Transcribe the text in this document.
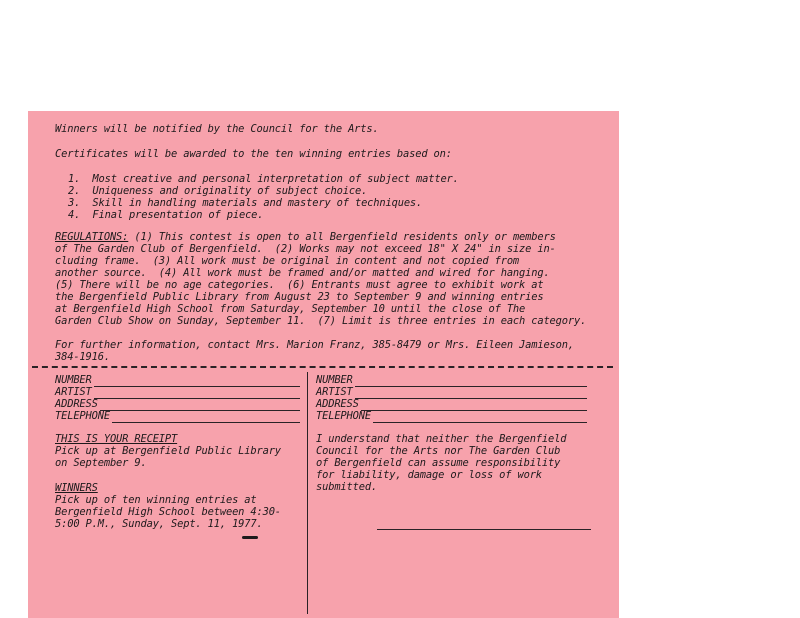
Winners will be notified by the Council for the Arts.
Certificates will be awarded to the ten winning entries based on:
1.  Most creative and personal interpretation of subject matter.
2.  Uniqueness and originality of subject choice.
3.  Skill in handling materials and mastery of techniques.
4.  Final presentation of piece.
REGULATIONS: (1) This contest is open to all Bergenfield residents only or members
of The Garden Club of Bergenfield.  (2) Works may not exceed 18" X 24" in size in-
cluding frame.  (3) All work must be original in content and not copied from
another source.  (4) All work must be framed and/or matted and wired for hanging.
(5) There will be no age categories.  (6) Entrants must agree to exhibit work at
the Bergenfield Public Library from August 23 to September 9 and winning entries
at Bergenfield High School from Saturday, September 10 until the close of The
Garden Club Show on Sunday, September 11.  (7) Limit is three entries in each category.
For further information, contact Mrs. Marion Franz, 385-8479 or Mrs. Eileen Jamieson,
384-1916.
NUMBER
ARTIST
ADDRESS
TELEPHONE
NUMBER
ARTIST
ADDRESS
TELEPHONE
THIS IS YOUR RECEIPT
Pick up at Bergenfield Public Library
on September 9.
WINNERS
Pick up of ten winning entries at
Bergenfield High School between 4:30-
5:00 P.M., Sunday, Sept. 11, 1977.
I understand that neither the Bergenfield
Council for the Arts nor The Garden Club
of Bergenfield can assume responsibility
for liability, damage or loss of work
submitted.
